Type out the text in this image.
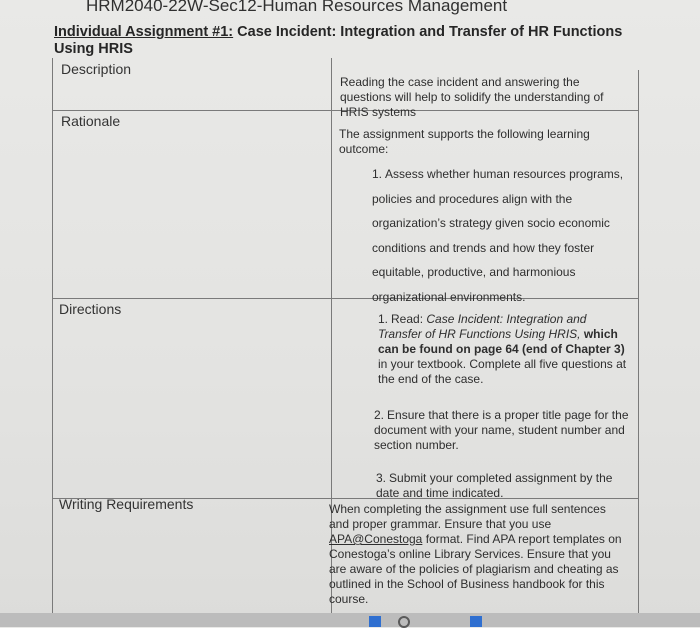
HRM2040-22W-Sec12-Human Resources Management
Individual Assignment #1: Case Incident: Integration and Transfer of HR Functions Using HRIS
Description
Reading the case incident and answering the questions will help to solidify the understanding of HRIS systems
Rationale
The assignment supports the following learning outcome:
1. Assess whether human resources programs, policies and procedures align with the organization’s strategy given socio economic conditions and trends and how they foster equitable, productive, and harmonious organizational environments.
Directions
1. Read: Case Incident: Integration and Transfer of HR Functions Using HRIS, which can be found on page 64 (end of Chapter 3) in your textbook. Complete all five questions at the end of the case.
2. Ensure that there is a proper title page for the document with your name, student number and section number.
3. Submit your completed assignment by the date and time indicated.
Writing Requirements	When completing the assignment use full sentences and proper grammar. Ensure that you use APA@Conestoga format. Find APA report templates on Conestoga’s online Library Services. Ensure that you are aware of the policies of plagiarism and cheating as outlined in the School of Business handbook for this course.
